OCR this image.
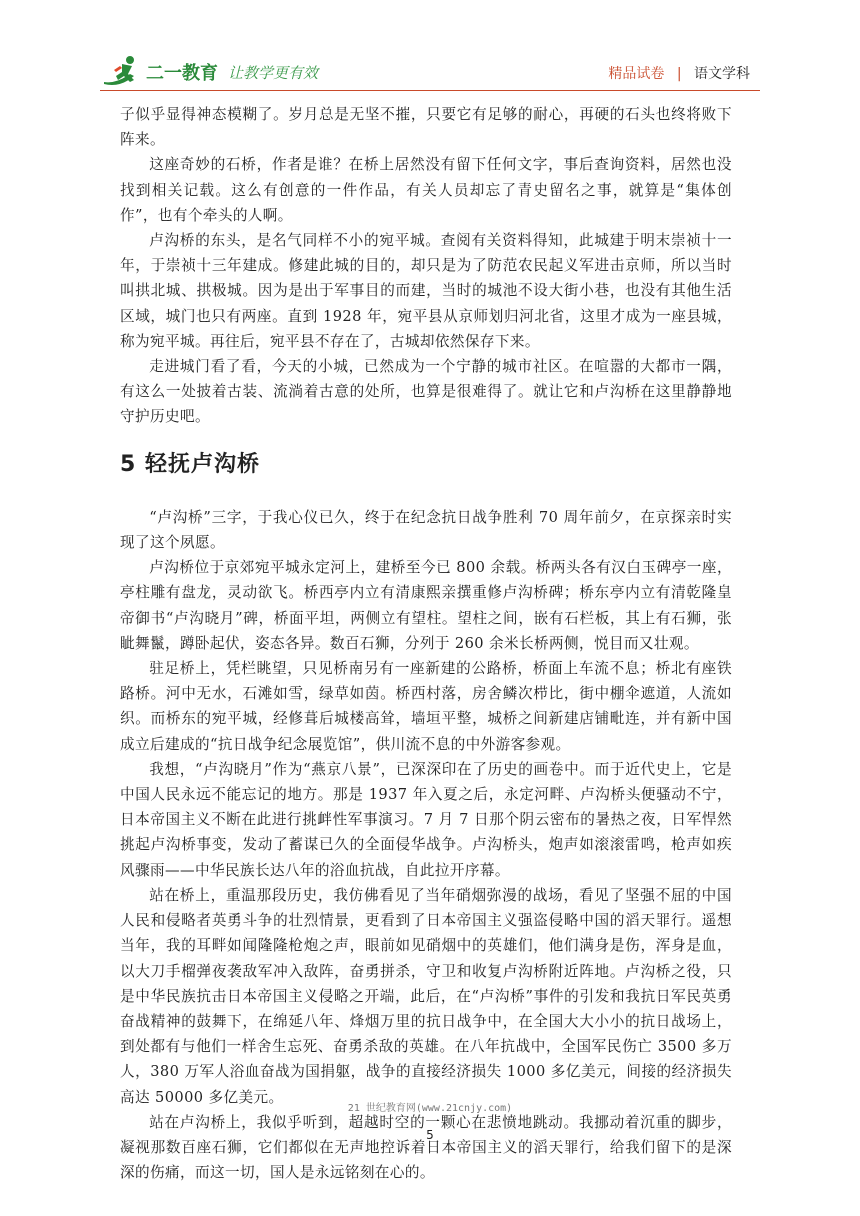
二一教育 让教学更有效	精品试卷 | 语文学科

子似乎显得神态模糊了。岁月总是无坚不摧，只要它有足够的耐心，再硬的石头也终将败下阵来。

这座奇妙的石桥，作者是谁？在桥上居然没有留下任何文字，事后查询资料，居然也没找到相关记载。这么有创意的一件作品，有关人员却忘了青史留名之事，就算是“集体创作”，也有个牵头的人啊。

卢沟桥的东头，是名气同样不小的宛平城。查阅有关资料得知，此城建于明末崇祯十一年，于崇祯十三年建成。修建此城的目的，却只是为了防范农民起义军进击京师，所以当时叫拱北城、拱极城。因为是出于军事目的而建，当时的城池不设大街小巷，也没有其他生活区域，城门也只有两座。直到 1928 年，宛平县从京师划归河北省，这里才成为一座县城，称为宛平城。再往后，宛平县不存在了，古城却依然保存下来。

走进城门看了看，今天的小城，已然成为一个宁静的城市社区。在喧嚣的大都市一隅，有这么一处披着古装、流淌着古意的处所，也算是很难得了。就让它和卢沟桥在这里静静地守护历史吧。

5 轻抚卢沟桥

“卢沟桥”三字，于我心仪已久，终于在纪念抗日战争胜利 70 周年前夕，在京探亲时实现了这个夙愿。

卢沟桥位于京郊宛平城永定河上，建桥至今已 800 余载。桥两头各有汉白玉碑亭一座，亭柱雕有盘龙，灵动欲飞。桥西亭内立有清康熙亲撰重修卢沟桥碑；桥东亭内立有清乾隆皇帝御书“卢沟晓月”碑，桥面平坦，两侧立有望柱。望柱之间，嵌有石栏板，其上有石狮，张眦舞鬣，蹲卧起伏，姿态各异。数百石狮，分列于 260 余米长桥两侧，悦目而又壮观。

驻足桥上，凭栏眺望，只见桥南另有一座新建的公路桥，桥面上车流不息；桥北有座铁路桥。河中无水，石滩如雪，绿草如茵。桥西村落，房舍鳞次栉比，街中棚伞遮道，人流如织。而桥东的宛平城，经修葺后城楼高耸，墙垣平整，城桥之间新建店铺毗连，并有新中国成立后建成的“抗日战争纪念展览馆”，供川流不息的中外游客参观。

我想，“卢沟晓月”作为“燕京八景”，已深深印在了历史的画卷中。而于近代史上，它是中国人民永远不能忘记的地方。那是 1937 年入夏之后，永定河畔、卢沟桥头便骚动不宁，日本帝国主义不断在此进行挑衅性军事演习。7 月 7 日那个阴云密布的暑热之夜，日军悍然挑起卢沟桥事变，发动了蓄谋已久的全面侵华战争。卢沟桥头，炮声如滚滚雷鸣，枪声如疾风骤雨——中华民族长达八年的浴血抗战，自此拉开序幕。

站在桥上，重温那段历史，我仿佛看见了当年硝烟弥漫的战场，看见了坚强不屈的中国人民和侵略者英勇斗争的壮烈情景，更看到了日本帝国主义强盗侵略中国的滔天罪行。遥想当年，我的耳畔如闻隆隆枪炮之声，眼前如见硝烟中的英雄们，他们满身是伤，浑身是血，以大刀手榴弹夜袭敌军冲入敌阵，奋勇拼杀，守卫和收复卢沟桥附近阵地。卢沟桥之役，只是中华民族抗击日本帝国主义侵略之开端，此后，在“卢沟桥”事件的引发和我抗日军民英勇奋战精神的鼓舞下，在绵延八年、烽烟万里的抗日战争中，在全国大大小小的抗日战场上，到处都有与他们一样舍生忘死、奋勇杀敌的英雄。在八年抗战中，全国军民伤亡 3500 多万人，380 万军人浴血奋战为国捐躯，战争的直接经济损失 1000 多亿美元，间接的经济损失高达 50000 多亿美元。

站在卢沟桥上，我似乎听到，超越时空的一颗心在悲愤地跳动。我挪动着沉重的脚步，凝视那数百座石狮，它们都似在无声地控诉着日本帝国主义的滔天罪行，给我们留下的是深深的伤痛，而这一切，国人是永远铭刻在心的。

21 世纪教育网(www.21cnjy.com)
5
